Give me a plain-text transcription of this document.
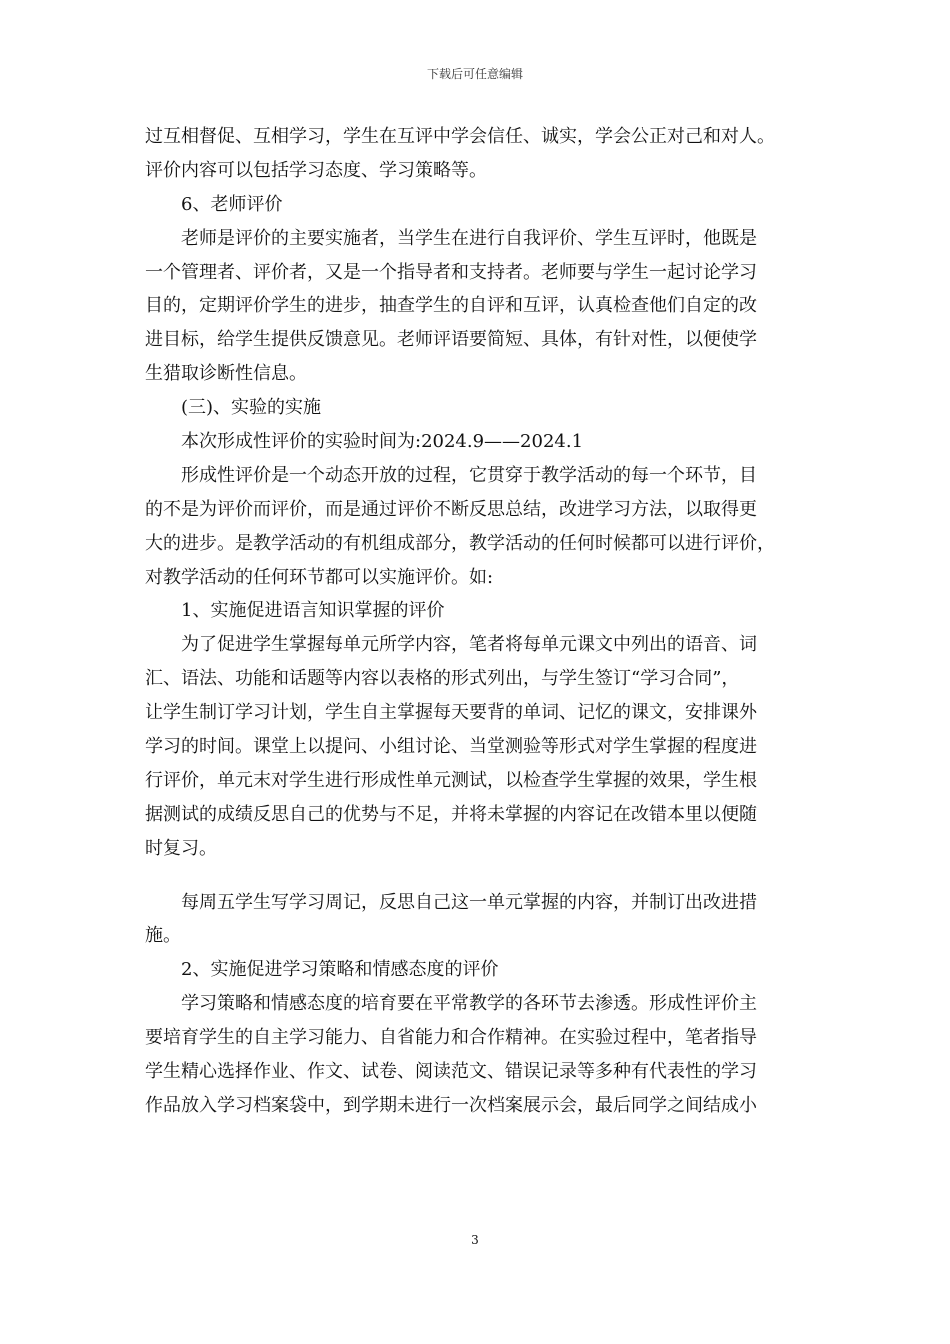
下载后可任意编辑
过互相督促、互相学习，学生在互评中学会信任、诚实，学会公正对己和对人。
评价内容可以包括学习态度、学习策略等。
6、老师评价
老师是评价的主要实施者，当学生在进行自我评价、学生互评时，他既是
一个管理者、评价者，又是一个指导者和支持者。老师要与学生一起讨论学习
目的，定期评价学生的进步，抽查学生的自评和互评，认真检查他们自定的改
进目标，给学生提供反馈意见。老师评语要简短、具体，有针对性，以便使学
生猎取诊断性信息。
(三)、实验的实施
本次形成性评价的实验时间为:2024.9——2024.1
形成性评价是一个动态开放的过程，它贯穿于教学活动的每一个环节，目
的不是为评价而评价，而是通过评价不断反思总结，改进学习方法，以取得更
大的进步。是教学活动的有机组成部分，教学活动的任何时候都可以进行评价，
对教学活动的任何环节都可以实施评价。如:
1、实施促进语言知识掌握的评价
为了促进学生掌握每单元所学内容，笔者将每单元课文中列出的语音、词
汇、语法、功能和话题等内容以表格的形式列出，与学生签订“学习合同”，
让学生制订学习计划，学生自主掌握每天要背的单词、记忆的课文，安排课外
学习的时间。课堂上以提问、小组讨论、当堂测验等形式对学生掌握的程度进
行评价，单元末对学生进行形成性单元测试，以检查学生掌握的效果，学生根
据测试的成绩反思自己的优势与不足，并将未掌握的内容记在改错本里以便随
时复习。
每周五学生写学习周记，反思自己这一单元掌握的内容，并制订出改进措
施。
2、实施促进学习策略和情感态度的评价
学习策略和情感态度的培育要在平常教学的各环节去渗透。形成性评价主
要培育学生的自主学习能力、自省能力和合作精神。在实验过程中，笔者指导
学生精心选择作业、作文、试卷、阅读范文、错误记录等多种有代表性的学习
作品放入学习档案袋中，到学期未进行一次档案展示会，最后同学之间结成小
3
